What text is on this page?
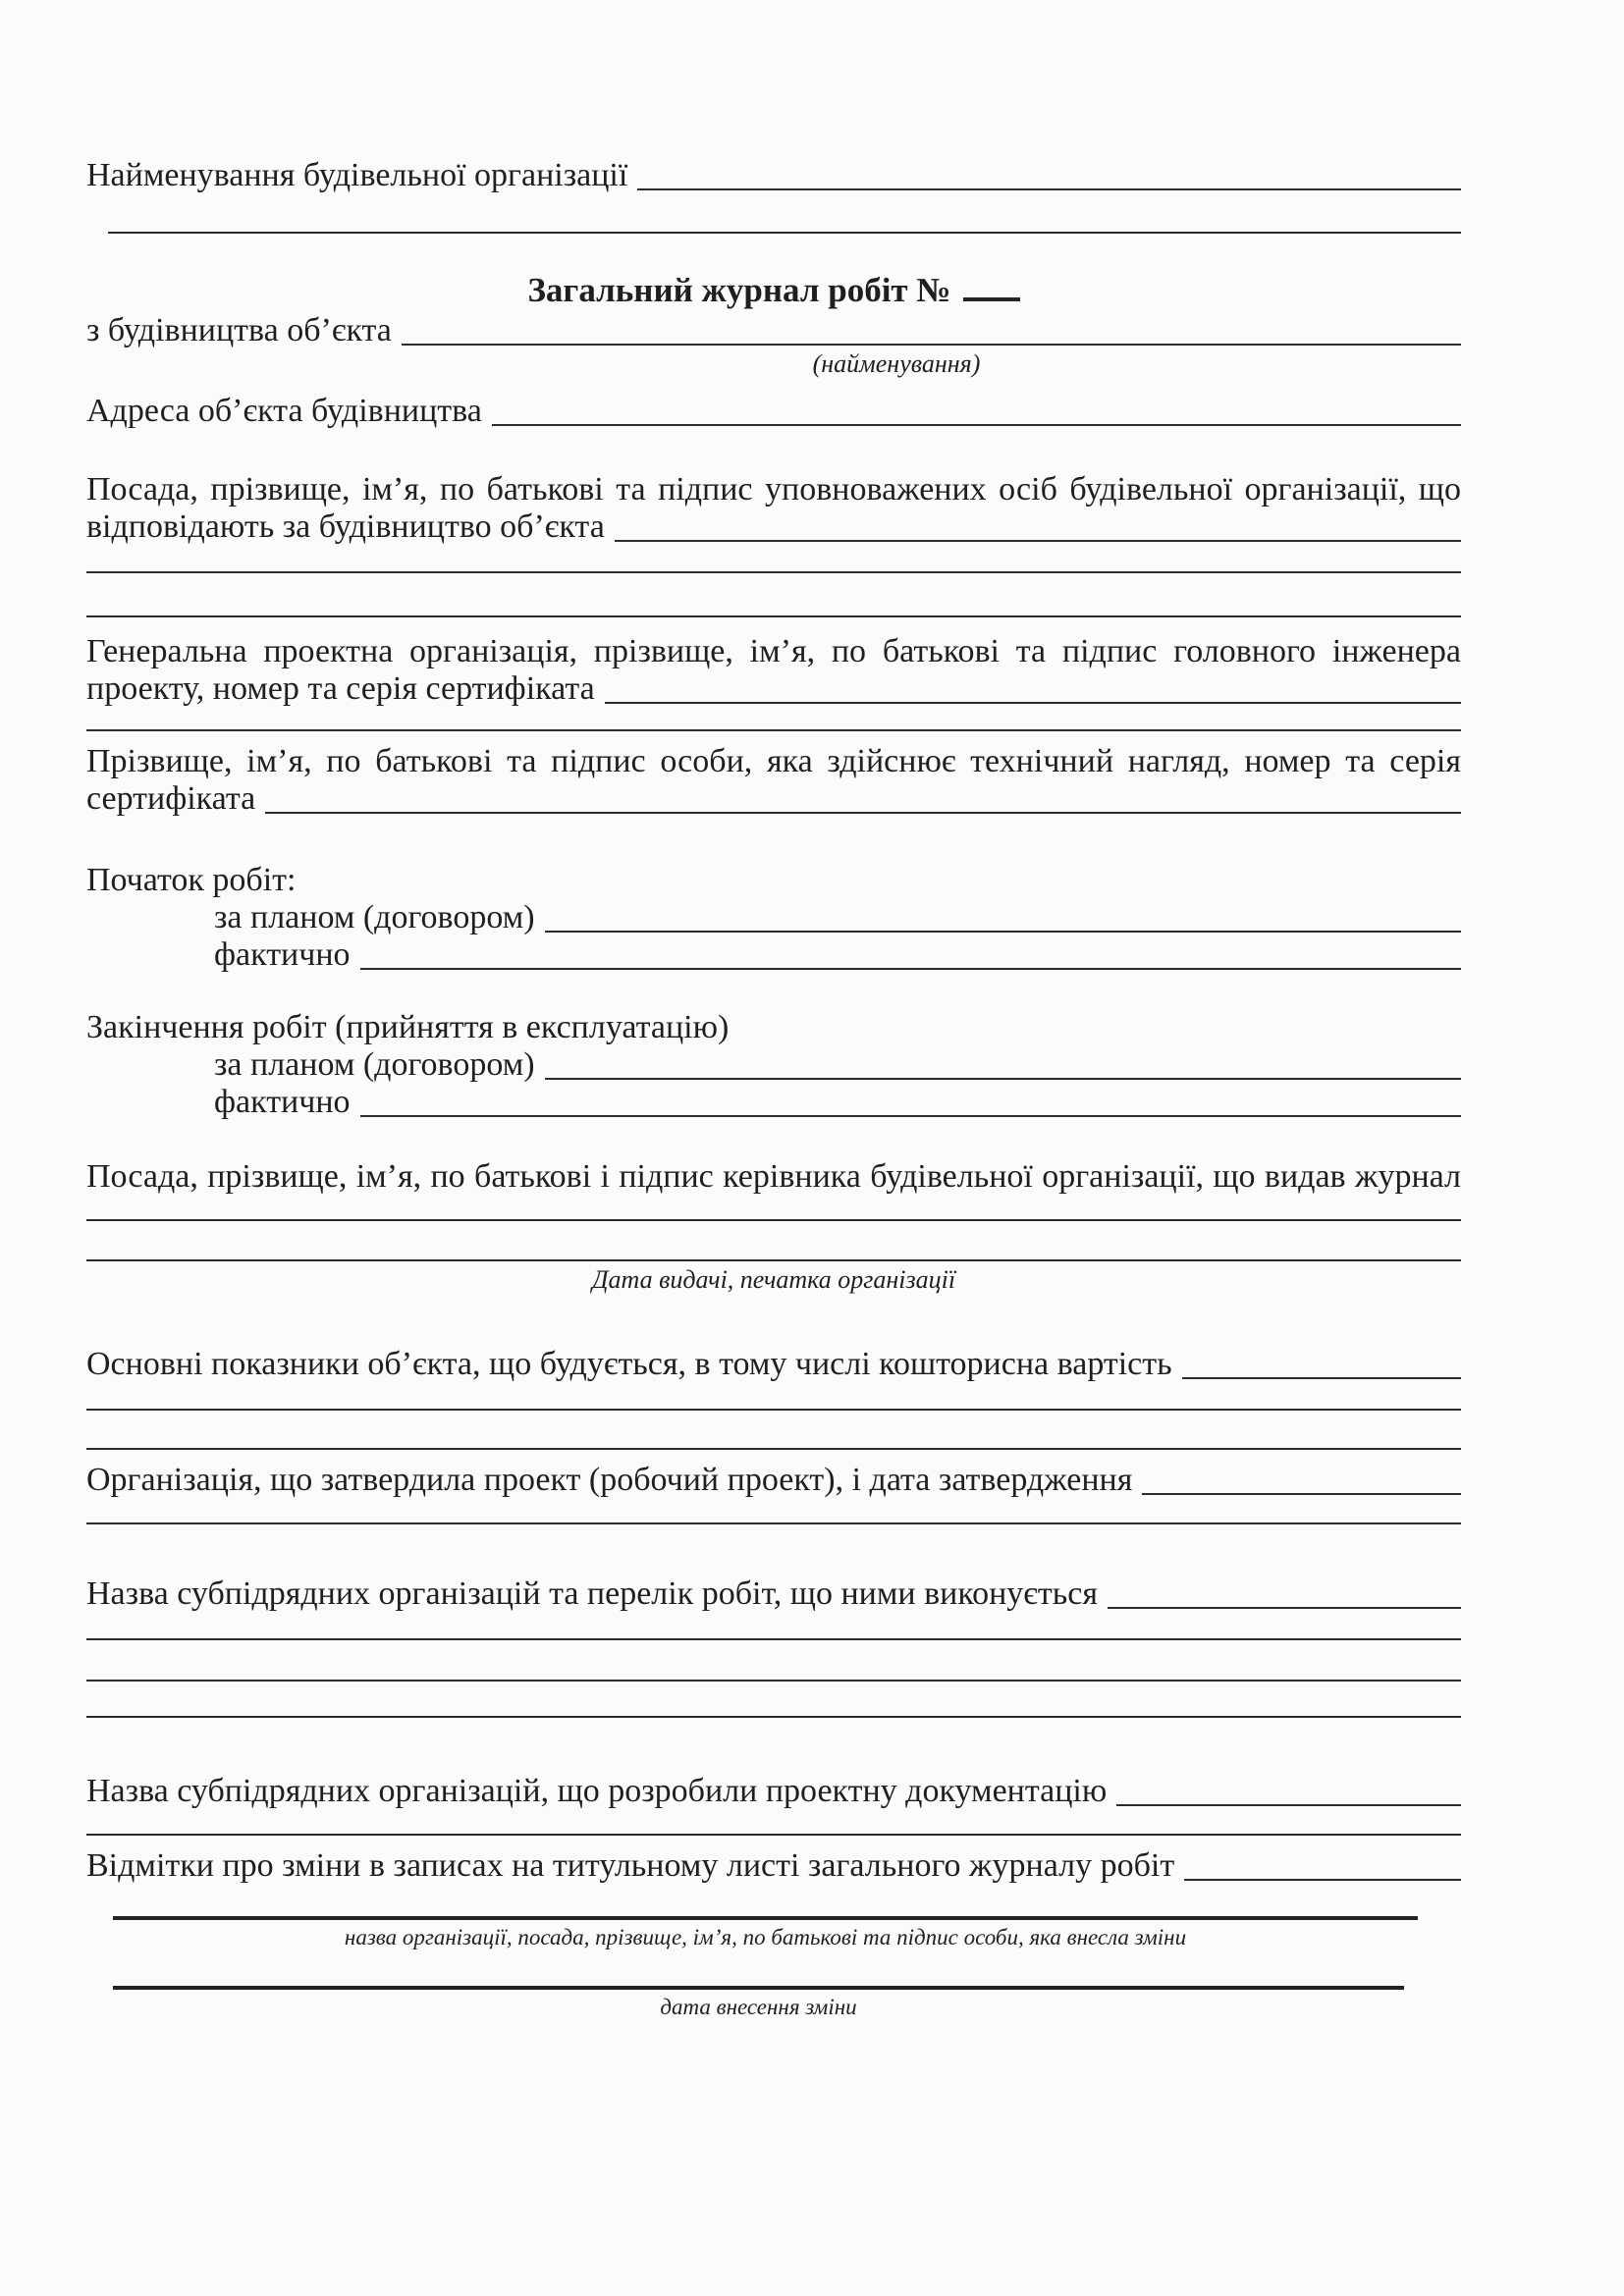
Найменування будівельної організації
Загальний журнал робіт №
з будівництва об’єкта
(найменування)
Адреса об’єкта будівництва
Посада, прізвище, ім’я, по батькові та підпис уповноважених осіб будівельної організації, що
відповідають за будівництво об’єкта
Генеральна проектна організація, прізвище, ім’я, по батькові та підпис головного інженера
проекту, номер та серія сертифіката
Прізвище, ім’я, по батькові та підпис особи, яка здійснює технічний нагляд, номер та серія
сертифіката
Початок робіт:
за планом (договором)
фактично
Закінчення робіт (прийняття в експлуатацію)
за планом (договором)
фактично
Посада, прізвище, ім’я, по батькові і підпис керівника будівельної організації, що видав журнал
Дата видачі, печатка організації
Основні показники об’єкта, що будується, в тому числі кошторисна вартість
Організація, що затвердила проект (робочий проект), і дата затвердження
Назва субпідрядних організацій та перелік робіт, що ними виконується
Назва субпідрядних організацій, що розробили проектну документацію
Відмітки про зміни в записах на титульному листі загального журналу робіт
назва організації, посада, прізвище, ім’я, по батькові та підпис особи, яка внесла зміни
дата внесення зміни
